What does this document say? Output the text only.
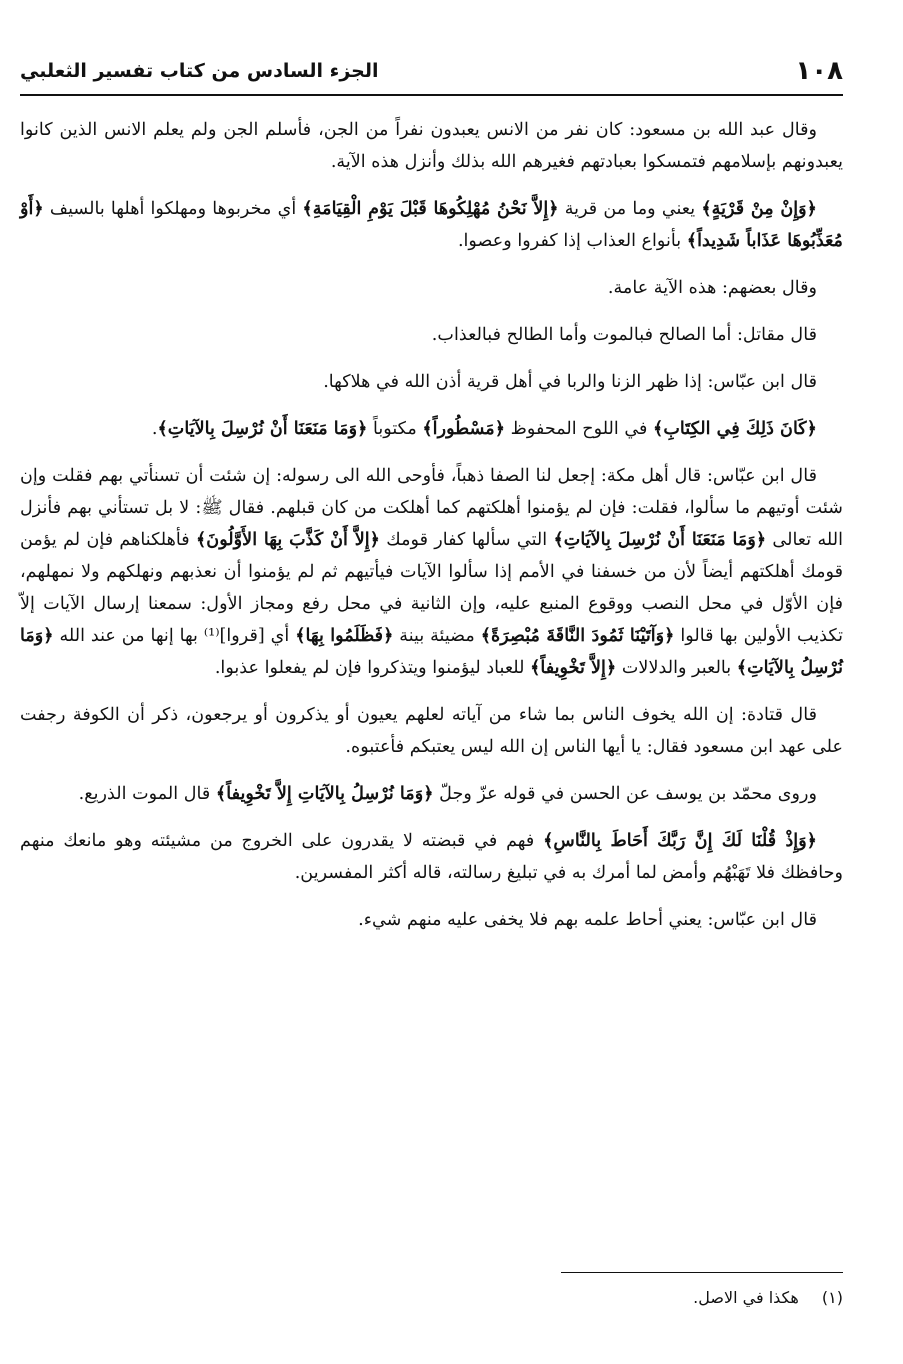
١٠٨
الجزء السادس من كتاب تفسير الثعلبي

وقال عبد الله بن مسعود: كان نفر من الانس يعبدون نفراً من الجن، فأسلم الجن ولم يعلم الانس الذين كانوا يعبدونهم بإسلامهم فتمسكوا بعبادتهم فغيرهم الله بذلك وأنزل هذه الآية.

﴿وَإِنْ مِنْ قَرْيَةٍ﴾ يعني وما من قرية ﴿إِلاَّ نَحْنُ مُهْلِكُوهَا قَبْلَ يَوْمِ الْقِيَامَةِ﴾ أي مخربوها ومهلكوا أهلها بالسيف ﴿أَوْ مُعَذِّبُوهَا عَذَاباً شَدِيداً﴾ بأنواع العذاب إذا كفروا وعصوا.

وقال بعضهم: هذه الآية عامة.

قال مقاتل: أما الصالح فبالموت وأما الطالح فبالعذاب.

قال ابن عبّاس: إذا ظهر الزنا والربا في أهل قرية أذن الله في هلاكها.

﴿كَانَ ذَلِكَ فِي الكِتَابِ﴾ في اللوح المحفوظ ﴿مَسْطُوراً﴾ مكتوباً ﴿وَمَا مَنَعَنَا أَنْ نُرْسِلَ بِالآيَاتِ﴾.

قال ابن عبّاس: قال أهل مكة: إجعل لنا الصفا ذهباً، فأوحى الله الى رسوله: إن شئت أن تسنأتي بهم فقلت وإن شئت أوتيهم ما سألوا، فقلت: فإن لم يؤمنوا أهلكتهم كما أهلكت من كان قبلهم. فقال ﷺ: لا بل تستأني بهم فأنزل الله تعالى ﴿وَمَا مَنَعَنَا أَنْ نُرْسِلَ بِالآيَاتِ﴾ التي سألها كفار قومك ﴿إِلاَّ أَنْ كَذَّبَ بِهَا الأَوَّلُونَ﴾ فأهلكناهم فإن لم يؤمن قومك أهلكتهم أيضاً لأن من خسفنا في الأمم إذا سألوا الآيات فيأتيهم ثم لم يؤمنوا أن نعذبهم ونهلكهم ولا نمهلهم، فإن الأوّل في محل النصب ووقوع المنبع عليه، وإن الثانية في محل رفع ومجاز الأول: سمعنا إرسال الآيات إلاّ تكذيب الأولين بها قالوا ﴿وَآتَيْنَا ثَمُودَ النَّاقَةَ مُبْصِرَةً﴾ مضيئة بينة ﴿فَظَلَمُوا بِهَا﴾ أي [قروا]⁽¹⁾ بها إنها من عند الله ﴿وَمَا نُرْسِلُ بِالآيَاتِ﴾ بالعبر والدلالات ﴿إِلاَّ تَخْوِيفاً﴾ للعباد ليؤمنوا ويتذكروا فإن لم يفعلوا عذبوا.

قال قتادة: إن الله يخوف الناس بما شاء من آياته لعلهم يعيون أو يذكرون أو يرجعون، ذكر أن الكوفة رجفت على عهد ابن مسعود فقال: يا أيها الناس إن الله ليس يعتبكم فأعتبوه.

وروى محمّد بن يوسف عن الحسن في قوله عزّ وجلّ ﴿وَمَا نُرْسِلُ بِالآيَاتِ إِلاَّ تَخْوِيفاً﴾ قال الموت الذريع.

﴿وَإِذْ قُلْنَا لَكَ إِنَّ رَبَّكَ أَحَاطَ بِالنَّاسِ﴾ فهم في قبضته لا يقدرون على الخروج من مشيئته وهو مانعك منهم وحافظك فلا تَهَبْهُم وأمض لما أمرك به في تبليغ رسالته، قاله أكثر المفسرين.

قال ابن عبّاس: يعني أحاط علمه بهم فلا يخفى عليه منهم شيء.

(١) هكذا في الاصل.
